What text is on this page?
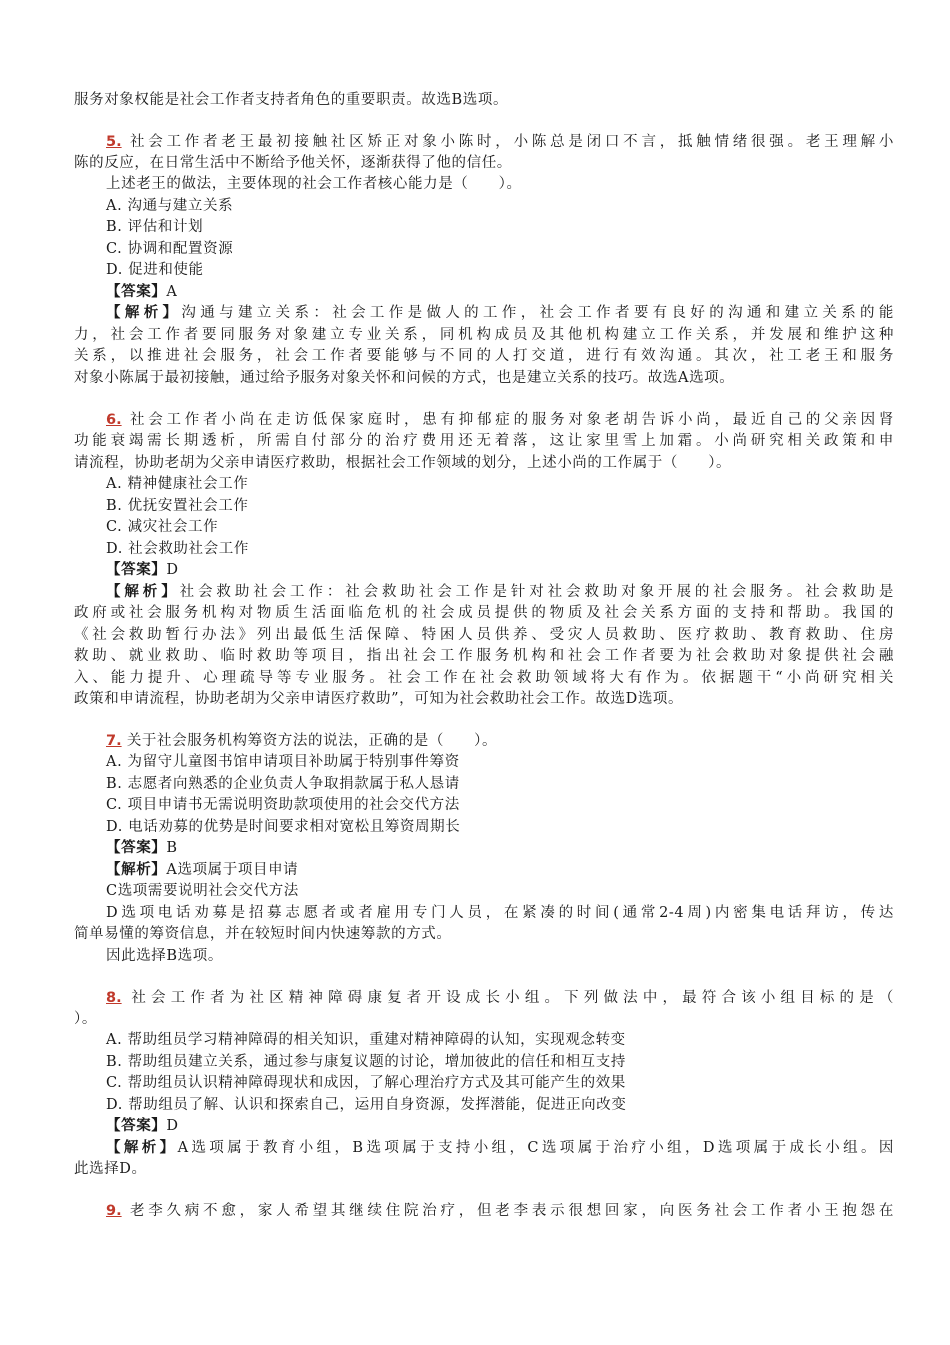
服务对象权能是社会工作者支持者角色的重要职责。故选B选项。
5. 社会工作者老王最初接触社区矫正对象小陈时，小陈总是闭口不言，抵触情绪很强。老王理解小
陈的反应，在日常生活中不断给予他关怀，逐渐获得了他的信任。
上述老王的做法，主要体现的社会工作者核心能力是（　　）。
A. 沟通与建立关系
B. 评估和计划
C. 协调和配置资源
D. 促进和使能
【答案】A
【解析】沟通与建立关系：社会工作是做人的工作，社会工作者要有良好的沟通和建立关系的能
力，社会工作者要同服务对象建立专业关系，同机构成员及其他机构建立工作关系，并发展和维护这种
关系，以推进社会服务，社会工作者要能够与不同的人打交道，进行有效沟通。其次，社工老王和服务
对象小陈属于最初接触，通过给予服务对象关怀和问候的方式，也是建立关系的技巧。故选A选项。
6. 社会工作者小尚在走访低保家庭时，患有抑郁症的服务对象老胡告诉小尚，最近自己的父亲因肾
功能衰竭需长期透析，所需自付部分的治疗费用还无着落，这让家里雪上加霜。小尚研究相关政策和申
请流程，协助老胡为父亲申请医疗救助，根据社会工作领域的划分，上述小尚的工作属于（　　）。
A. 精神健康社会工作
B. 优抚安置社会工作
C. 减灾社会工作
D. 社会救助社会工作
【答案】D
【解析】社会救助社会工作：社会救助社会工作是针对社会救助对象开展的社会服务。社会救助是
政府或社会服务机构对物质生活面临危机的社会成员提供的物质及社会关系方面的支持和帮助。我国的
《社会救助暂行办法》列出最低生活保障、特困人员供养、受灾人员救助、医疗救助、教育救助、住房
救助、就业救助、临时救助等项目，指出社会工作服务机构和社会工作者要为社会救助对象提供社会融
入、能力提升、心理疏导等专业服务。社会工作在社会救助领域将大有作为。依据题干“小尚研究相关
政策和申请流程，协助老胡为父亲申请医疗救助”，可知为社会救助社会工作。故选D选项。
7. 关于社会服务机构筹资方法的说法，正确的是（　　）。
A. 为留守儿童图书馆申请项目补助属于特别事件筹资
B. 志愿者向熟悉的企业负责人争取捐款属于私人恳请
C. 项目申请书无需说明资助款项使用的社会交代方法
D. 电话劝募的优势是时间要求相对宽松且筹资周期长
【答案】B
【解析】A选项属于项目申请
C选项需要说明社会交代方法
D选项电话劝募是招募志愿者或者雇用专门人员，在紧凑的时间(通常2-4周)内密集电话拜访，传达
简单易懂的筹资信息，并在较短时间内快速筹款的方式。
因此选择B选项。
8. 社会工作者为社区精神障碍康复者开设成长小组。下列做法中，最符合该小组目标的是（
）。
A. 帮助组员学习精神障碍的相关知识，重建对精神障碍的认知，实现观念转变
B. 帮助组员建立关系，通过参与康复议题的讨论，增加彼此的信任和相互支持
C. 帮助组员认识精神障碍现状和成因，了解心理治疗方式及其可能产生的效果
D. 帮助组员了解、认识和探索自己，运用自身资源，发挥潜能，促进正向改变
【答案】D
【解析】A选项属于教育小组，B选项属于支持小组，C选项属于治疗小组，D选项属于成长小组。因
此选择D。
9. 老李久病不愈，家人希望其继续住院治疗，但老李表示很想回家，向医务社会工作者小王抱怨在
